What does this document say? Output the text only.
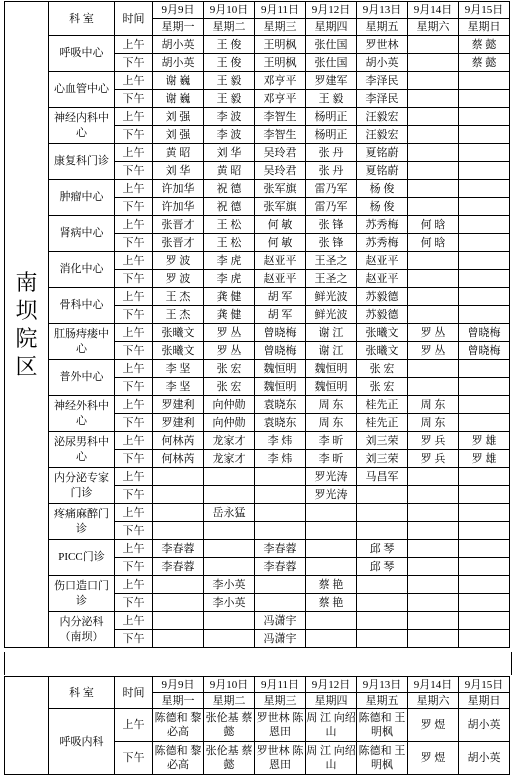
南坝院区	科 室	时间	9月9日	9月10日	9月11日	9月12日	9月13日	9月14日	9月15日
			星期一	星期二	星期三	星期四	星期五	星期六	星期日
	呼吸中心	上午	胡小英	王 俊	王明枫	张仕国	罗世林		蔡 懿
		下午	胡小英	王 俊	王明枫	张仕国	胡小英		蔡 懿
	心血管中心	上午	谢 巍	王 毅	邓亨平	罗建军	李泽民		
		下午	谢 巍	王 毅	邓亨平	王 毅	李泽民		
	神经内科中心	上午	刘 强	李 波	李智生	杨明正	汪毅宏		
		下午	刘 强	李 波	李智生	杨明正	汪毅宏		
	康复科门诊	上午	黄 昭	刘 华	吴玲君	张 丹	夏铭蔚		
		下午	刘 华	黄 昭	吴玲君	张 丹	夏铭蔚		
	肿瘤中心	上午	许加华	祝 德	张军旗	雷乃军	杨 俊		
		下午	许加华	祝 德	张军旗	雷乃军	杨 俊		
	肾病中心	上午	张晋才	王 松	何 敏	张 锋	苏秀梅	何 晗	
		下午	张晋才	王 松	何 敏	张 锋	苏秀梅	何 晗	
	消化中心	上午	罗 波	李 虎	赵亚平	王圣之	赵亚平		
		下午	罗 波	李 虎	赵亚平	王圣之	赵亚平		
	骨科中心	上午	王 杰	龚 健	胡 军	鲜光波	苏毅德		
		下午	王 杰	龚 健	胡 军	鲜光波	苏毅德		
	肛肠痔瘘中心	上午	张曦文	罗 丛	曾晓梅	谢 江	张曦文	罗 丛	曾晓梅
		下午	张曦文	罗 丛	曾晓梅	谢 江	张曦文	罗 丛	曾晓梅
	普外中心	上午	李 坚	张 宏	魏恒明	魏恒明	张 宏		
		下午	李 坚	张 宏	魏恒明	魏恒明	张 宏		
	神经外科中心	上午	罗建利	向仲勋	袁晓东	周 东	桂先正	周 东	
		下午	罗建利	向仲勋	袁晓东	周 东	桂先正	周 东	
	泌尿男科中心	上午	何林芮	龙家才	李 炜	李 昕	刘三荣	罗 兵	罗 雄
		下午	何林芮	龙家才	李 炜	李 昕	刘三荣	罗 兵	罗 雄
	内分泌专家门诊	上午				罗光涛	马昌军		
		下午				罗光涛			
	疼痛麻醉门诊	上午		岳永猛					
		下午							
	PICC门诊	上午	李春蓉		李春蓉		邱 琴		
		下午	李春蓉		李春蓉		邱 琴		
	伤口造口门诊	上午		李小英		蔡 艳			
		下午		李小英		蔡 艳			
	内分泌科（南坝）	上午			冯潇宇				
		下午			冯潇宇				
	科 室	时间	9月9日	9月10日	9月11日	9月12日	9月13日	9月14日	9月15日
			星期一	星期二	星期三	星期四	星期五	星期六	星期日
	呼吸内科	上午	陈德和 黎必高	张伦基 蔡 懿	罗世林 陈恩田	周 江 向绍山	陈德和 王明枫	罗 煜	胡小英
		下午	陈德和 黎必高	张伦基 蔡 懿	罗世林 陈恩田	周 江 向绍山	陈德和 王明枫	罗 煜	胡小英
